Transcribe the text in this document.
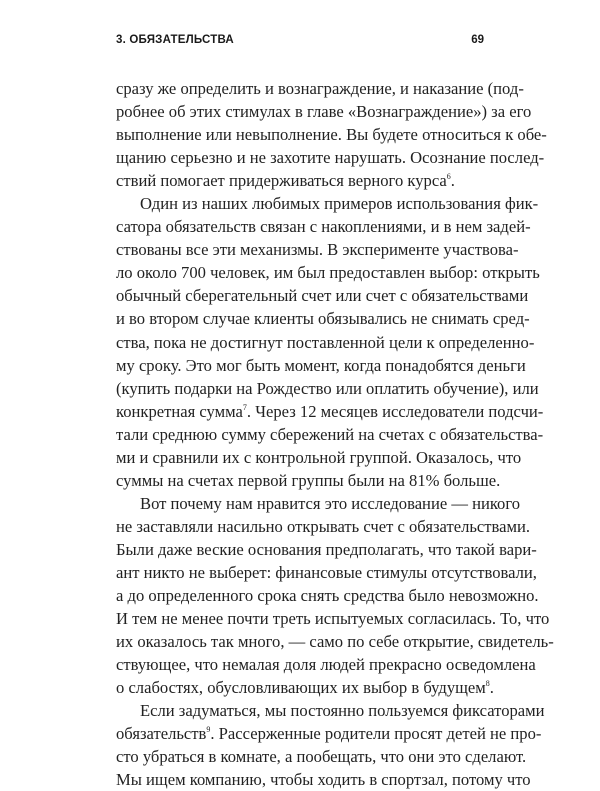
3. ОБЯЗАТЕЛЬСТВА	69
сразу же определить и вознаграждение, и наказание (под-
робнее об этих стимулах в главе «Вознаграждение») за его
выполнение или невыполнение. Вы будете относиться к обе-
щанию серьезно и не захотите нарушать. Осознание послед-
ствий помогает придерживаться верного курса$^6$.
Один из наших любимых примеров использования фик-
сатора обязательств связан с накоплениями, и в нем задей-
ствованы все эти механизмы. В эксперименте участвова-
ло около 700 человек, им был предоставлен выбор: открыть
обычный сберегательный счет или счет с обязательствами
и во втором случае клиенты обязывались не снимать сред-
ства, пока не достигнут поставленной цели к определенно-
му сроку. Это мог быть момент, когда понадобятся деньги
(купить подарки на Рождество или оплатить обучение), или
конкретная сумма$^7$. Через 12 месяцев исследователи подсчи-
тали среднюю сумму сбережений на счетах с обязательства-
ми и сравнили их с контрольной группой. Оказалось, что
суммы на счетах первой группы были на 81% больше.
Вот почему нам нравится это исследование — никого
не заставляли насильно открывать счет с обязательствами.
Были даже веские основания предполагать, что такой вари-
ант никто не выберет: финансовые стимулы отсутствовали,
а до определенного срока снять средства было невозможно.
И тем не менее почти треть испытуемых согласилась. То, что
их оказалось так много, — само по себе открытие, свидетель-
ствующее, что немалая доля людей прекрасно осведомлена
о слабостях, обусловливающих их выбор в будущем$^8$.
Если задуматься, мы постоянно пользуемся фиксаторами
обязательств$^9$. Рассерженные родители просят детей не про-
сто убраться в комнате, а пообещать, что они это сделают.
Мы ищем компанию, чтобы ходить в спортзал, потому что
